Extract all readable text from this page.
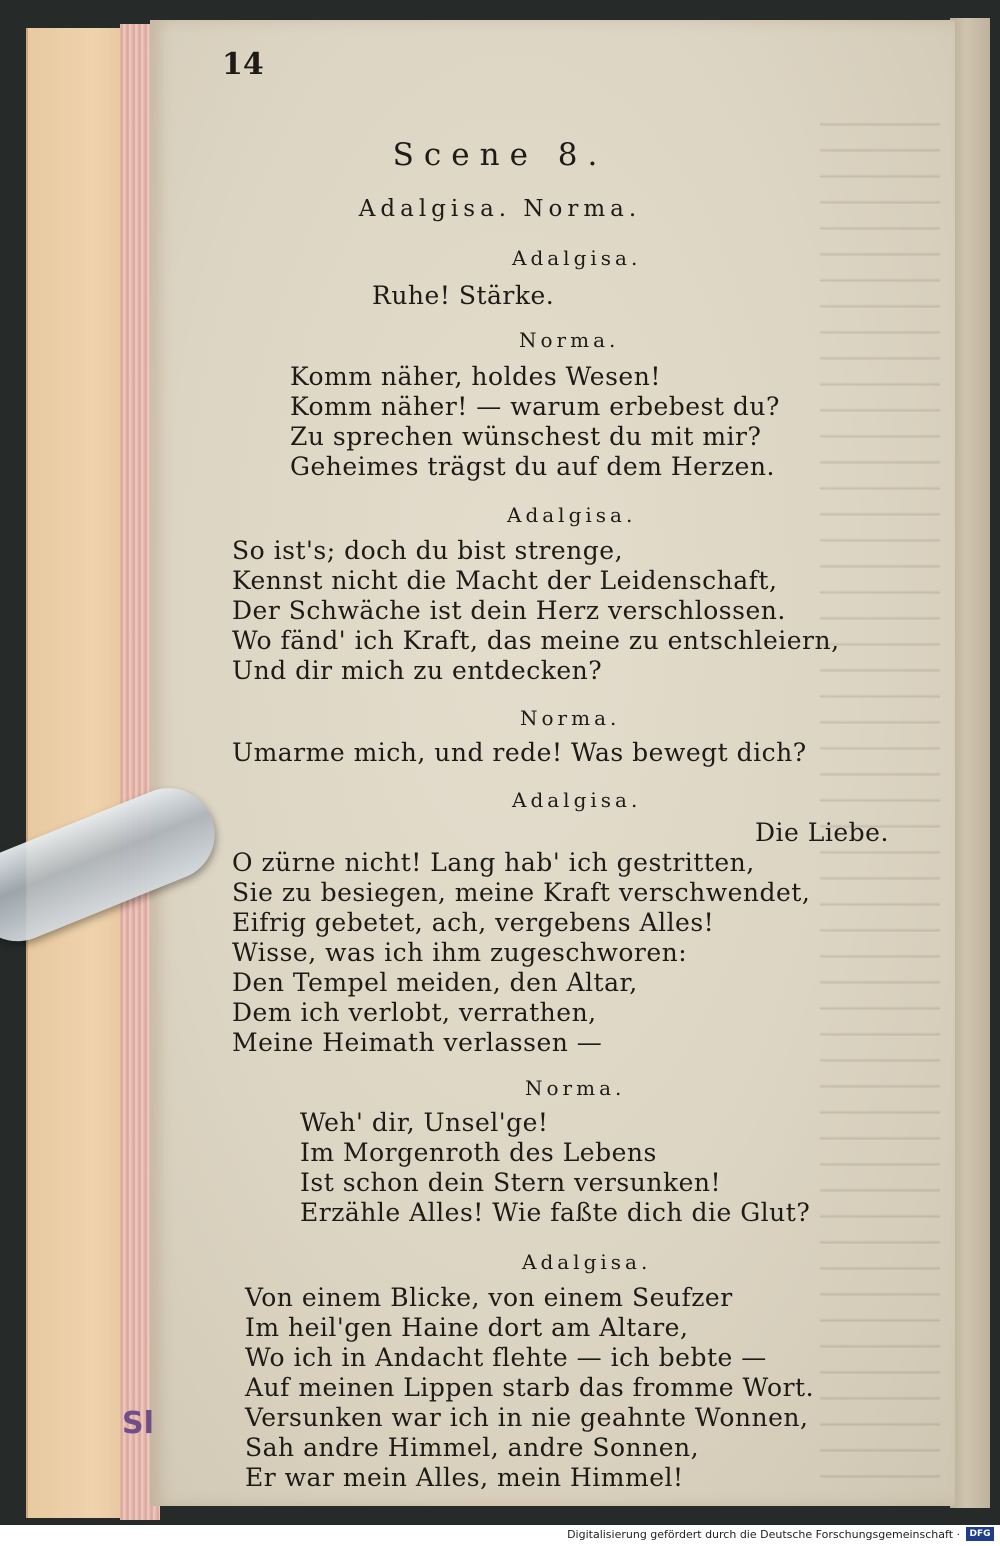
14
Scene 8.
Adalgisa. Norma.
Adalgisa.
Ruhe! Stärke.
Norma.
Komm näher, holdes Wesen!
Komm näher! — warum erbebest du?
Zu sprechen wünschest du mit mir?
Geheimes trägst du auf dem Herzen.
Adalgisa.
So ist's; doch du bist strenge,
Kennst nicht die Macht der Leidenschaft,
Der Schwäche ist dein Herz verschlossen.
Wo fänd' ich Kraft, das meine zu entschleiern,
Und dir mich zu entdecken?
Norma.
Umarme mich, und rede! Was bewegt dich?
Adalgisa.
Die Liebe.
O zürne nicht! Lang hab' ich gestritten,
Sie zu besiegen, meine Kraft verschwendet,
Eifrig gebetet, ach, vergebens Alles!
Wisse, was ich ihm zugeschworen:
Den Tempel meiden, den Altar,
Dem ich verlobt, verrathen,
Meine Heimath verlassen —
Norma.
Weh' dir, Unsel'ge!
Im Morgenroth des Lebens
Ist schon dein Stern versunken!
Erzähle Alles! Wie faßte dich die Glut?
Adalgisa.
Von einem Blicke, von einem Seufzer
Im heil'gen Haine dort am Altare,
Wo ich in Andacht flehte — ich bebte —
Auf meinen Lippen starb das fromme Wort.
Versunken war ich in nie geahnte Wonnen,
Sah andre Himmel, andre Sonnen,
Er war mein Alles, mein Himmel!
Sl
Digitalisierung gefördert durch die Deutsche Forschungsgemeinschaft ·	DFG
